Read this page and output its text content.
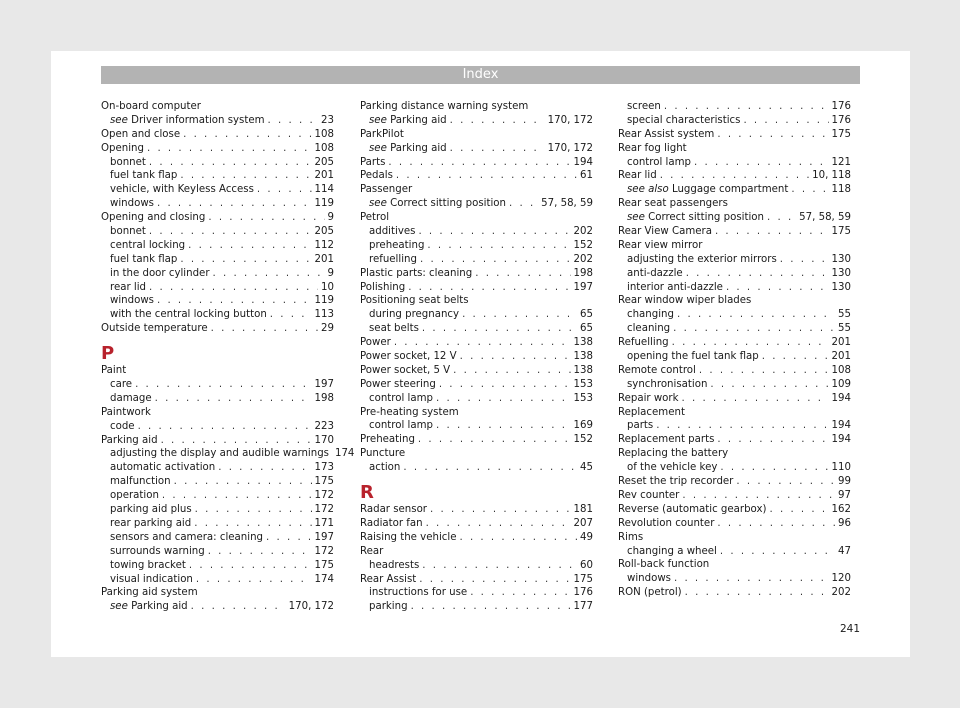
Index
On-board computer
see Driver information system . . .	23
Open and close . . .	108
Opening . . .	108
bonnet . . .	205
fuel tank flap . . .	201
vehicle, with Keyless Access . . .	114
windows . . .	119
Opening and closing . . .	9
bonnet . . .	205
central locking . . .	112
fuel tank flap . . .	201
in the door cylinder . . .	9
rear lid . . .	10
windows . . .	119
with the central locking button . . .	113
Outside temperature . . .	29
P
Paint
care . . .	197
damage . . .	198
Paintwork
code . . .	223
Parking aid . . .	170
adjusting the display and audible warnings 174
automatic activation . . .	173
malfunction . . .	175
operation . . .	172
parking aid plus . . .	172
rear parking aid . . .	171
sensors and camera: cleaning . . .	197
surrounds warning . . .	172
towing bracket . . .	175
visual indication . . .	174
Parking aid system
see Parking aid . . .	170, 172
Parking distance warning system
see Parking aid . . .	170, 172
ParkPilot
see Parking aid . . .	170, 172
Parts . . .	194
Pedals . . .	61
Passenger
see Correct sitting position . . .	57, 58, 59
Petrol
additives . . .	202
preheating . . .	152
refuelling . . .	202
Plastic parts: cleaning . . .	198
Polishing . . .	197
Positioning seat belts
during pregnancy . . .	65
seat belts . . .	65
Power . . .	138
Power socket, 12 V . . .	138
Power socket, 5 V . . .	138
Power steering . . .	153
control lamp . . .	153
Pre-heating system
control lamp . . .	169
Preheating . . .	152
Puncture
action . . .	45
R
Radar sensor . . .	181
Radiator fan . . .	207
Raising the vehicle . . .	49
Rear
headrests . . .	60
Rear Assist . . .	175
instructions for use . . .	176
parking . . .	177
screen . . .	176
special characteristics . . .	176
Rear Assist system . . .	175
Rear fog light
control lamp . . .	121
Rear lid . . .	10, 118
see also Luggage compartment . . .	118
Rear seat passengers
see Correct sitting position . . .	57, 58, 59
Rear View Camera . . .	175
Rear view mirror
adjusting the exterior mirrors . . .	130
anti-dazzle . . .	130
interior anti-dazzle . . .	130
Rear window wiper blades
changing . . .	55
cleaning . . .	55
Refuelling . . .	201
opening the fuel tank flap . . .	201
Remote control . . .	108
synchronisation . . .	109
Repair work . . .	194
Replacement
parts . . .	194
Replacement parts . . .	194
Replacing the battery
of the vehicle key . . .	110
Reset the trip recorder . . .	99
Rev counter . . .	97
Reverse (automatic gearbox) . . .	162
Revolution counter . . .	96
Rims
changing a wheel . . .	47
Roll-back function
windows . . .	120
RON (petrol) . . .	202
241
